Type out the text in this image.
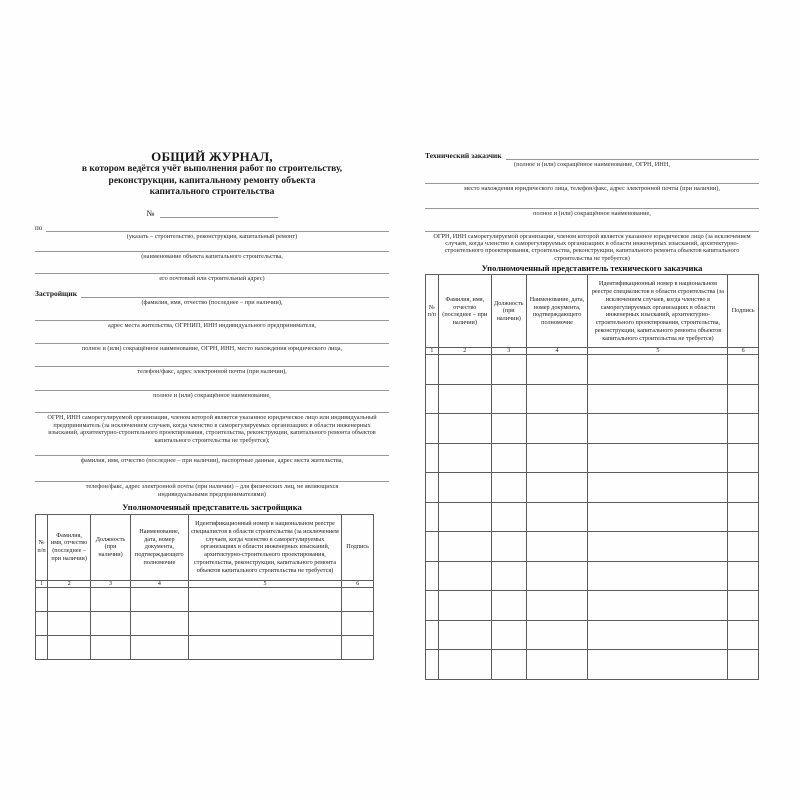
ОБЩИЙ ЖУРНАЛ,
в котором ведётся учёт выполнения работ по строительству,
реконструкции, капитальному ремонту объекта
капитального строительства
№
по
(указать – строительство, реконструкция, капитальный ремонт)
(наименование объекта капитального строительства,
его почтовый или строительный адрес)
Застройщик
(фамилия, имя, отчество (последнее – при наличии),
адрес места жительства, ОГРНИП, ИНН индивидуального предпринимателя,
полное и (или) сокращённое наименование, ОГРН, ИНН, место нахождения юридического лица,
телефон/факс, адрес электронной почты (при наличии),
полное и (или) сокращённое наименование,
ОГРН, ИНН саморегулируемой организации, членом которой является указанное юридическое лицо или индивидуальный предприниматель (за исключением случаев, когда членство в саморегулируемых организациях в области инженерных изысканий, архитектурно-строительного проектирования, строительства, реконструкции, капитального ремонта объектов капитального строительства не требуется);
фамилия, имя, отчество (последнее – при наличии), паспортные данные, адрес места жительства,
телефон/факс, адрес электронной почты (при наличии) – для физических лиц, не являющихся индивидуальными предпринимателями)
Уполномоченный представитель застройщика
№ п/п	Фамилия, имя, отчество (последнее – при наличии)	Должность (при наличии)	Наименование, дата, номер документа, подтверждающего полномочие	Идентификационный номер в национальном реестре специалистов в области строительства (за исключением случаев, когда членство в саморегулируемых организациях в области инженерных изысканий, архитектурно-строительного проектирования, строительства, реконструкции, капитального ремонта объектов капитального строительства не требуется)	Подпись
1	2	3	4	5	6

Технический заказчик
(полное и (или) сокращённое наименование, ОГРН, ИНН,
место нахождения юридического лица, телефон/факс, адрес электронной почты (при наличии),
полное и (или) сокращённое наименование,
ОГРН, ИНН саморегулируемой организации, членом которой является указанное юридическое лицо (за исключением случаев, когда членство в саморегулируемых организациях в области инженерных изысканий, архитектурно-строительного проектирования, строительства, реконструкции, капитального ремонта объектов капитального строительства не требуется)
Уполномоченный представитель технического заказчика
№ п/п	Фамилия, имя, отчество (последнее – при наличии)	Должность (при наличии)	Наименование, дата, номер документа, подтверждающего полномочие	Идентификационный номер в национальном реестре специалистов в области строительства (за исключением случаев, когда членство в саморегулируемых организациях в области инженерных изысканий, архитектурно-строительного проектирования, строительства, реконструкции, капитального ремонта объектов капитального строительства не требуется)	Подпись
1	2	3	4	5	6
